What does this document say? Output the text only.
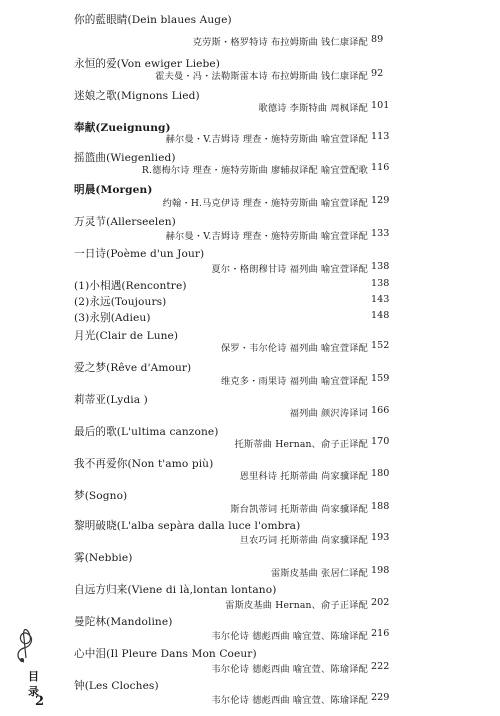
你的藍眼睛(Dein blaues Auge)
克劳斯・格罗特诗 布拉姆斯曲 钱仁康译配 89
永恒的爱(Von ewiger Liebe)
霍夫曼・冯・法勒斯雷本诗 布拉姆斯曲 钱仁康译配 92
迷娘之歌(Mignons Lied)
歌德诗 李斯特曲 周枫译配 101
奉献(Zueignung)
赫尔曼・V.吉姆诗 理查・施特劳斯曲 喻宜萱译配 113
摇篮曲(Wiegenlied)
R.德梅尔诗 理查・施特劳斯曲 廖辅叔译配 喻宜萱配歌 116
明晨(Morgen)
约翰・H.马克伊诗 理查・施特劳斯曲 喻宜萱译配 129
万灵节(Allerseelen)
赫尔曼・V.吉姆诗 理查・施特劳斯曲 喻宜萱译配 133
一日诗(Poème d'un Jour)
夏尔・格朗穆甘诗 福列曲 喻宜萱译配 138
(1)小相遇(Rencontre)	138
(2)永远(Toujours)	143
(3)永别(Adieu)	148
月光(Clair de Lune)
保罗・韦尔伦诗 福列曲 喻宜萱译配 152
爱之梦(Rêve d'Amour)
维克多・雨果诗 福列曲 喻宜萱译配 159
莉蒂亚(Lydia )
福列曲 颜沢涛译词 166
最后的歌(L'ultima canzone)
托斯蒂曲 Hernan、俞子正译配 170
我不再爱你(Non t'amo più)
恩里科诗 托斯蒂曲 尚家骥译配 180
梦(Sogno)
斯台凯蒂词 托斯蒂曲 尚家骥译配 188
黎明破晓(L'alba sepàra dalla luce l'ombra)
旦农巧词 托斯蒂曲 尚家骥译配 193
雾(Nebbie)
雷斯皮基曲 张居仁译配 198
自远方归来(Viene di là,lontan lontano)
雷斯皮基曲 Hernan、俞子正译配 202
曼陀林(Mandoline)
韦尔伦诗 德彪西曲 喻宜萱、陈瑜译配 216
心中泪(Il Pleure Dans Mon Coeur)
韦尔伦诗 德彪西曲 喻宜萱、陈瑜译配 222
钟(Les Cloches)
韦尔伦诗 德彪西曲 喻宜萱、陈瑜译配 229
目
录
2
